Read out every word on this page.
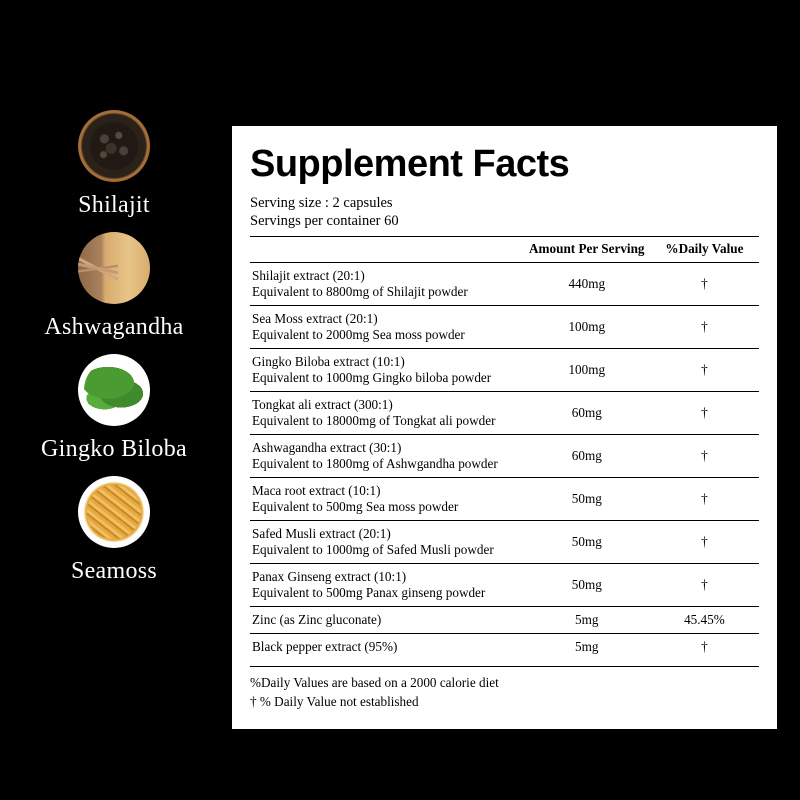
Shilajit
Ashwagandha
Gingko Biloba
Seamoss
Supplement Facts
Serving size : 2 capsules
Servings per container 60
	Amount Per Serving	%Daily Value

Shilajit extract (20:1)
Equivalent to 8800mg of Shilajit powder	440mg	†

Sea Moss extract (20:1)
Equivalent to 2000mg Sea moss powder	100mg	†

Gingko Biloba extract (10:1)
Equivalent to 1000mg Gingko biloba powder	100mg	†

Tongkat ali extract (300:1)
Equivalent to 18000mg of Tongkat ali powder	60mg	†

Ashwagandha extract (30:1)
Equivalent to 1800mg of Ashwgandha powder	60mg	†

Maca root extract (10:1)
Equivalent to 500mg Sea moss powder	50mg	†

Safed Musli extract (20:1)
Equivalent to 1000mg of Safed Musli powder	50mg	†

Panax Ginseng extract (10:1)
Equivalent to 500mg Panax ginseng powder	50mg	†

Zinc (as Zinc gluconate)	5mg	45.45%

Black pepper extract (95%)	5mg	†
%Daily Values are based on a 2000 calorie diet
† % Daily Value not established
